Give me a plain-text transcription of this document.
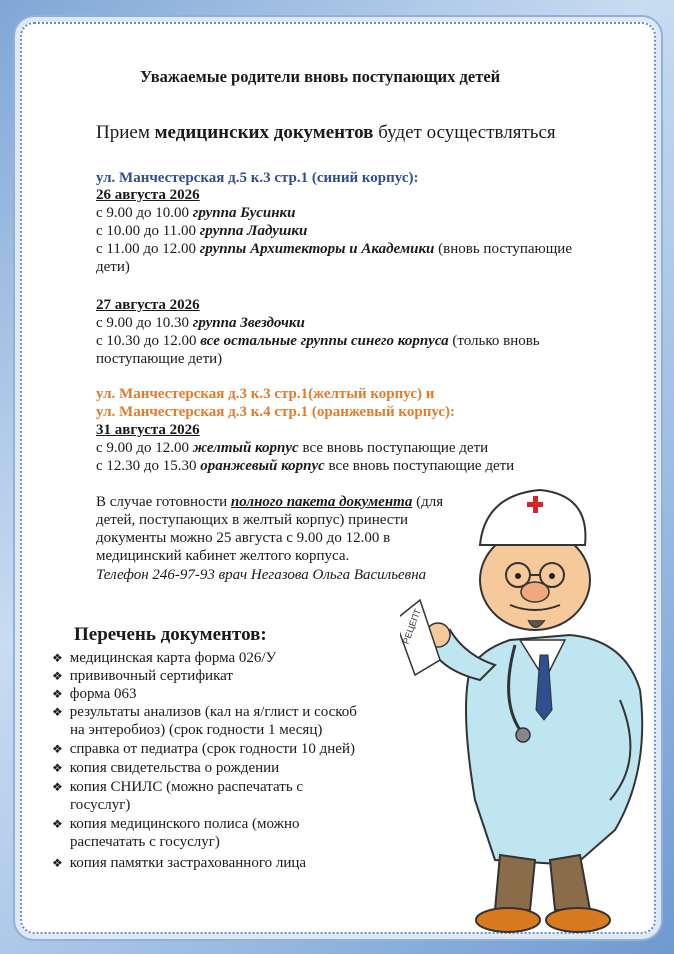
Уважаемые родители вновь поступающих детей
Прием медицинских документов будет осуществляться
ул. Манчестерская д.5 к.3 стр.1 (синий корпус):
26 августа 2026
с 9.00 до 10.00 группа Бусинки
с 10.00 до 11.00 группа Ладушки
с 11.00 до 12.00 группы Архитекторы и Академики (вновь поступающие
дети)
27 августа 2026
с 9.00 до 10.30 группа Звездочки
с 10.30 до 12.00 все остальные группы синего корпуса (только вновь
поступающие дети)
ул. Манчестерская д.3 к.3 стр.1(желтый корпус) и
ул. Манчестерская д.3 к.4 стр.1 (оранжевый корпус):
31 августа 2026
с 9.00 до 12.00 желтый корпус все вновь поступающие дети
с 12.30 до 15.30 оранжевый корпус все вновь поступающие дети
В случае готовности полного пакета документа (для
детей, поступающих в желтый корпус) принести
документы можно 25 августа с 9.00 до 12.00 в
медицинский кабинет желтого корпуса.
Телефон 246-97-93 врач Негазова Ольга Васильевна
Перечень документов:
❖ медицинская карта форма 026/У
❖ прививочный сертификат
❖ форма 063
❖ результаты анализов (кал на я/глист и соскоб
на энтеробиоз) (срок годности 1 месяц)
❖ справка от педиатра (срок годности 10 дней)
❖ копия свидетельства о рождении
❖ копия СНИЛС (можно распечатать с
госуслуг)
❖ копия медицинского полиса (можно
распечатать с госуслуг)
❖ копия памятки застрахованного лица
РЕЦЕПТ
